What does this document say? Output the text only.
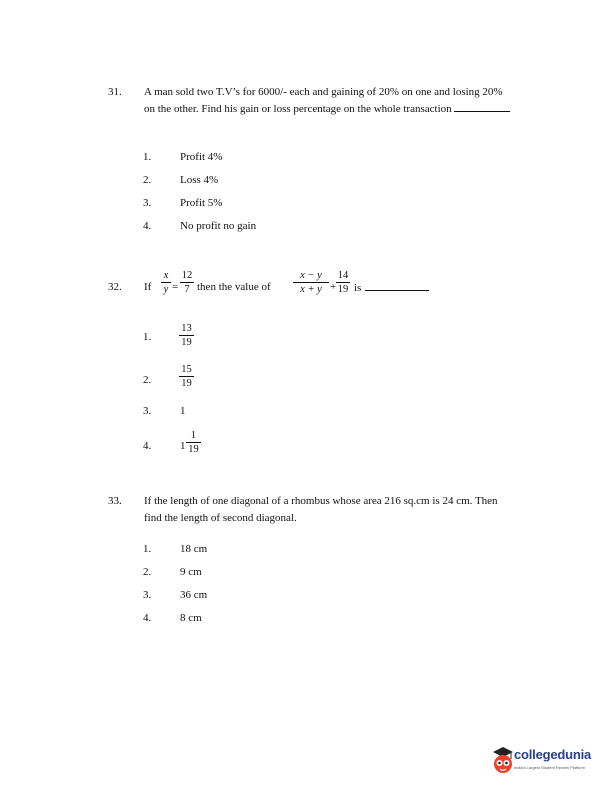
31. A man sold two T.V’s for 6000/- each and gaining of 20% on one and losing 20% on the other. Find his gain or loss percentage on the whole transaction
1.	Profit 4%
2.	Loss 4%
3.	Profit 5%
4.	No profit no gain
32. If
x
y =
12
7 then the value of
x − y
x + y +
14
19 is
1.
13
19
2.
15
19
3.	1
4.	1
1
19
33. If the length of one diagonal of a rhombus whose area 216 sq.cm is 24 cm. Then find the length of second diagonal.
1.	18 cm
2.	9 cm
3.	36 cm
4.	8 cm
collegedunia
India's Largest Student Review Platform
